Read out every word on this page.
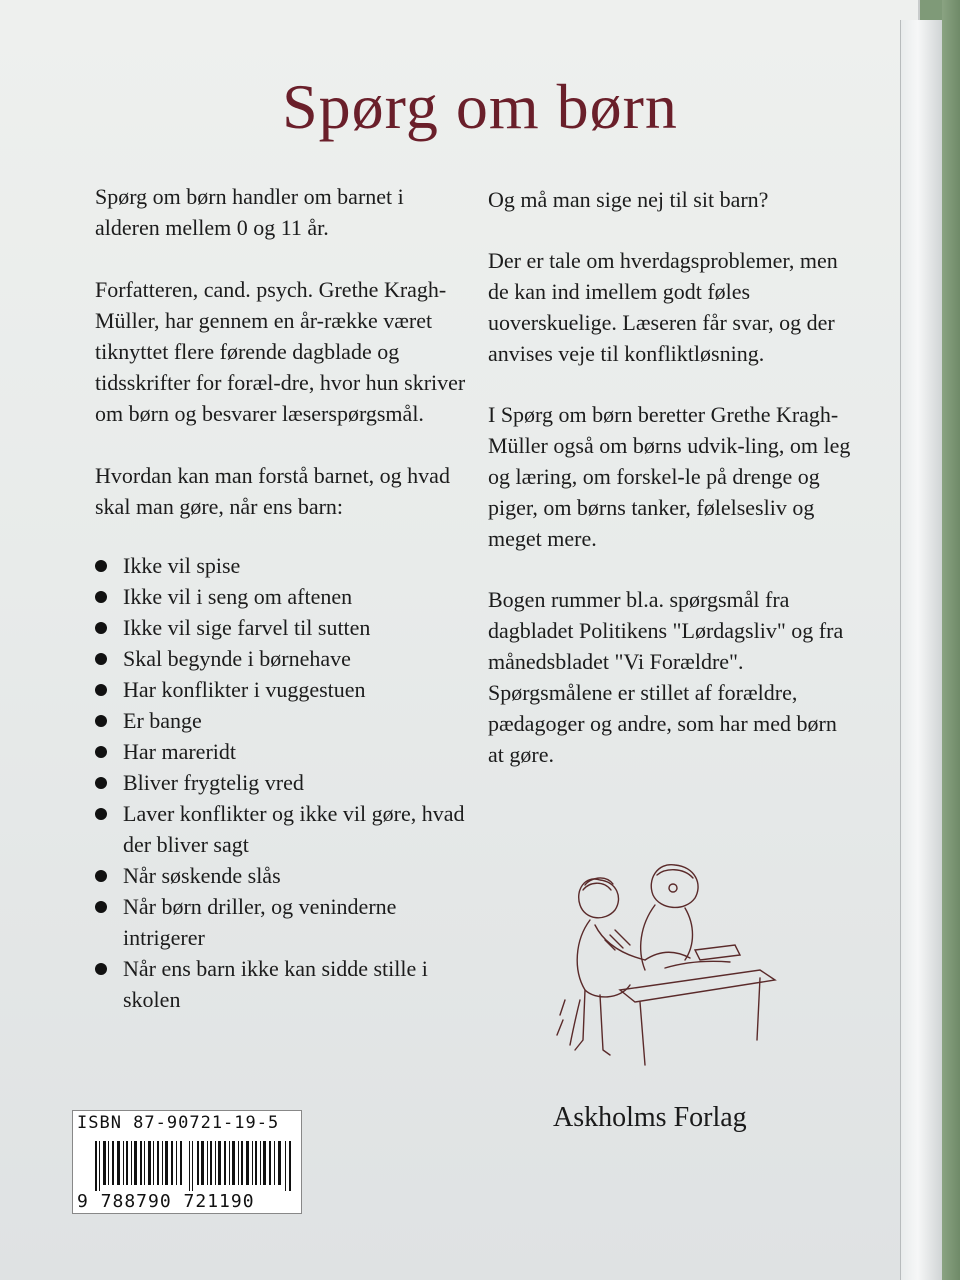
Spørg om børn

Spørg om børn handler om barnet i alderen mellem 0 og 11 år.

Forfatteren, cand. psych. Grethe Kragh-Müller, har gennem en år-række været tiknyttet flere førende dagblade og tidsskrifter for foræl-dre, hvor hun skriver om børn og besvarer læserspørgsmål.

Hvordan kan man forstå barnet, og hvad skal man gøre, når ens barn:

Ikke vil spise
Ikke vil i seng om aftenen
Ikke vil sige farvel til sutten
Skal begynde i børnehave
Har konflikter i vuggestuen
Er bange
Har mareridt
Bliver frygtelig vred
Laver konflikter og ikke vil gøre, hvad der bliver sagt
Når søskende slås
Når børn driller, og veninderne intrigerer
Når ens barn ikke kan sidde stille i skolen

Og må man sige nej til sit barn?

Der er tale om hverdagsproblemer, men de kan ind imellem godt føles uoverskuelige. Læseren får svar, og der anvises veje til konfliktløsning.

I Spørg om børn beretter Grethe Kragh-Müller også om børns udvik-ling, om leg og læring, om forskel-le på drenge og piger, om børns tanker, følelsesliv og meget mere.

Bogen rummer bl.a. spørgsmål fra dagbladet Politikens "Lørdagsliv" og fra månedsbladet "Vi Forældre". Spørgsmålene er stillet af forældre, pædagoger og andre, som har med børn at gøre.

Askholms Forlag
ISBN 87-90721-19-5
9 788790 721190
